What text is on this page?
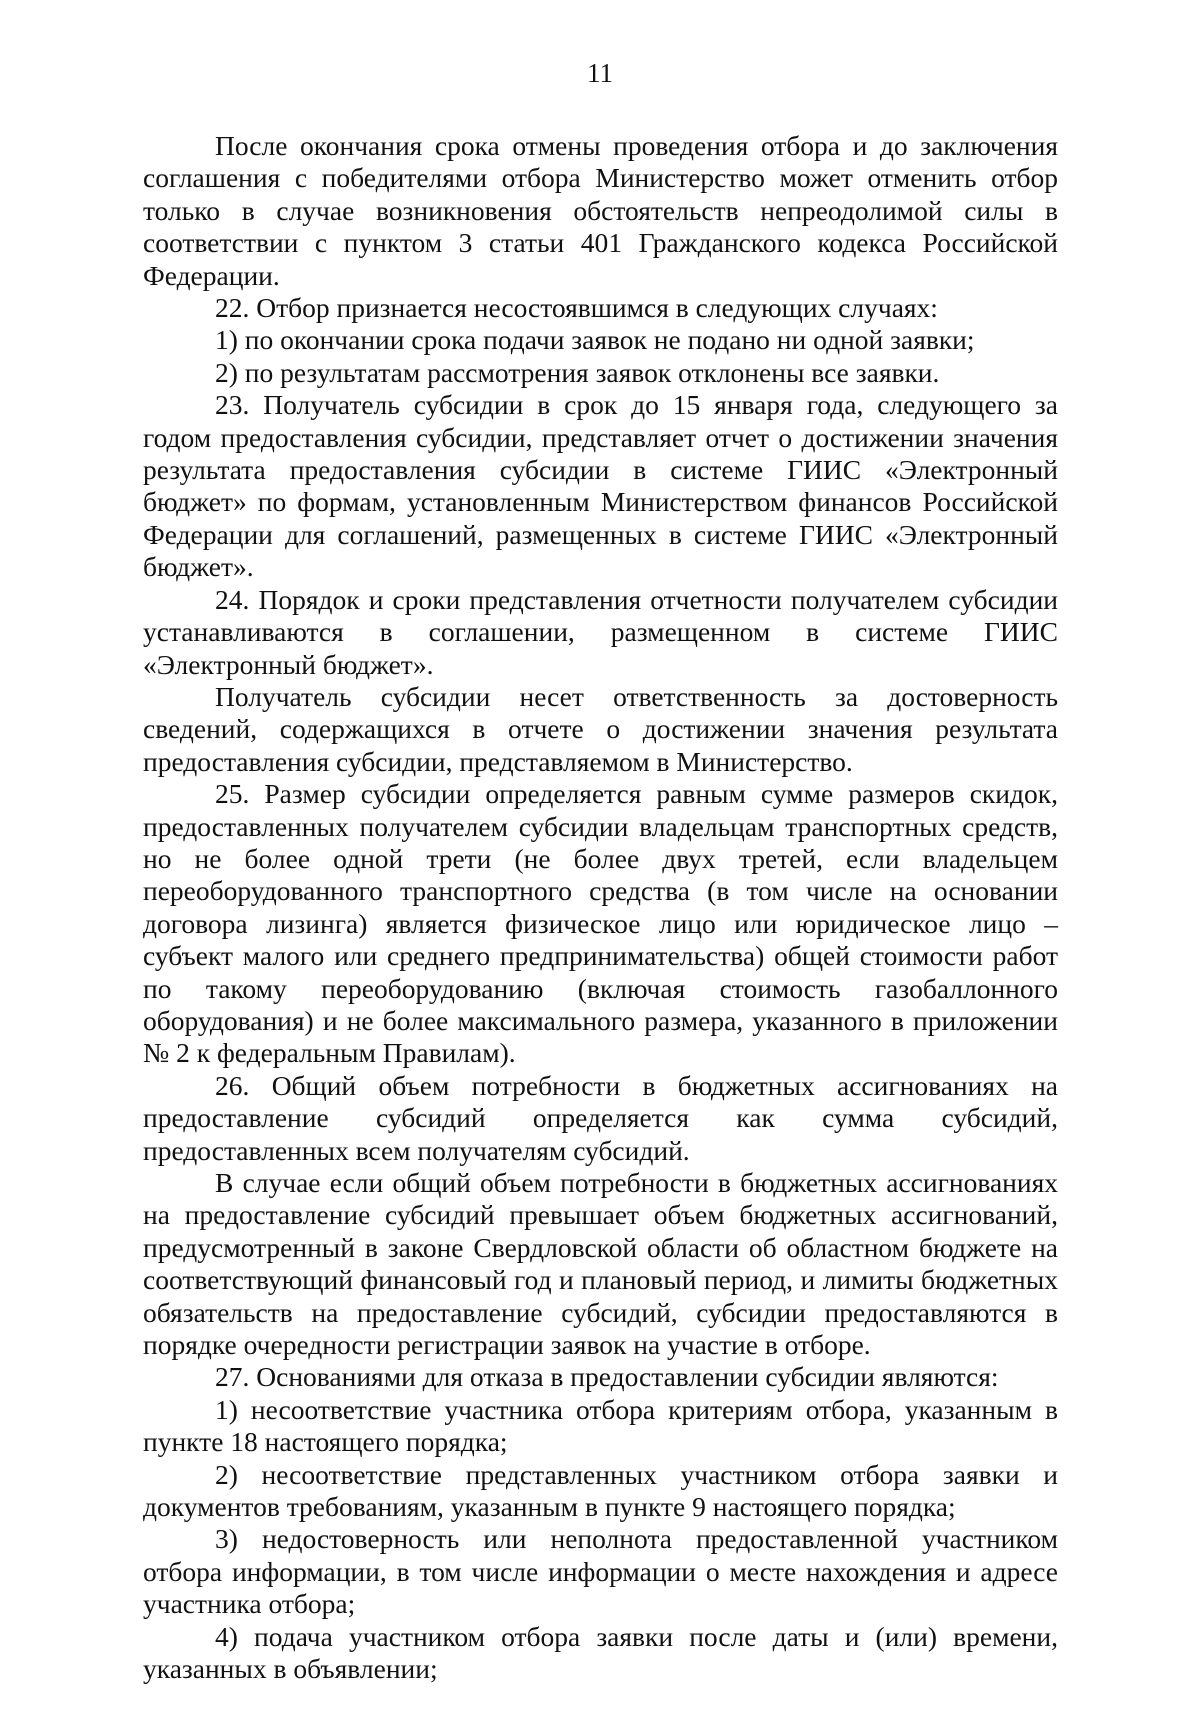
11

После окончания срока отмены проведения отбора и до заключения соглашения с победителями отбора Министерство может отменить отбор только в случае возникновения обстоятельств непреодолимой силы в соответствии с пунктом 3 статьи 401 Гражданского кодекса Российской Федерации.

22. Отбор признается несостоявшимся в следующих случаях:

1) по окончании срока подачи заявок не подано ни одной заявки;

2) по результатам рассмотрения заявок отклонены все заявки.

23. Получатель субсидии в срок до 15 января года, следующего за годом предоставления субсидии, представляет отчет о достижении значения результата предоставления субсидии в системе ГИИС «Электронный бюджет» по формам, установленным Министерством финансов Российской Федерации для соглашений, размещенных в системе ГИИС «Электронный бюджет».

24. Порядок и сроки представления отчетности получателем субсидии устанавливаются в соглашении, размещенном в системе ГИИС «Электронный бюджет».

Получатель субсидии несет ответственность за достоверность сведений, содержащихся в отчете о достижении значения результата предоставления субсидии, представляемом в Министерство.

25. Размер субсидии определяется равным сумме размеров скидок, предоставленных получателем субсидии владельцам транспортных средств, но не более одной трети (не более двух третей, если владельцем переоборудованного транспортного средства (в том числе на основании договора лизинга) является физическое лицо или юридическое лицо – субъект малого или среднего предпринимательства) общей стоимости работ по такому переоборудованию (включая стоимость газобаллонного оборудования) и не более максимального размера, указанного в приложении № 2 к федеральным Правилам).

26. Общий объем потребности в бюджетных ассигнованиях на предоставление субсидий определяется как сумма субсидий, предоставленных всем получателям субсидий.

В случае если общий объем потребности в бюджетных ассигнованиях на предоставление субсидий превышает объем бюджетных ассигнований, предусмотренный в законе Свердловской области об областном бюджете на соответствующий финансовый год и плановый период, и лимиты бюджетных обязательств на предоставление субсидий, субсидии предоставляются в порядке очередности регистрации заявок на участие в отборе.

27. Основаниями для отказа в предоставлении субсидии являются:

1) несоответствие участника отбора критериям отбора, указанным в пункте 18 настоящего порядка;

2) несоответствие представленных участником отбора заявки и документов требованиям, указанным в пункте 9 настоящего порядка;

3) недостоверность или неполнота предоставленной участником отбора информации, в том числе информации о месте нахождения и адресе участника отбора;

4) подача участником отбора заявки после даты и (или) времени, указанных в объявлении;
